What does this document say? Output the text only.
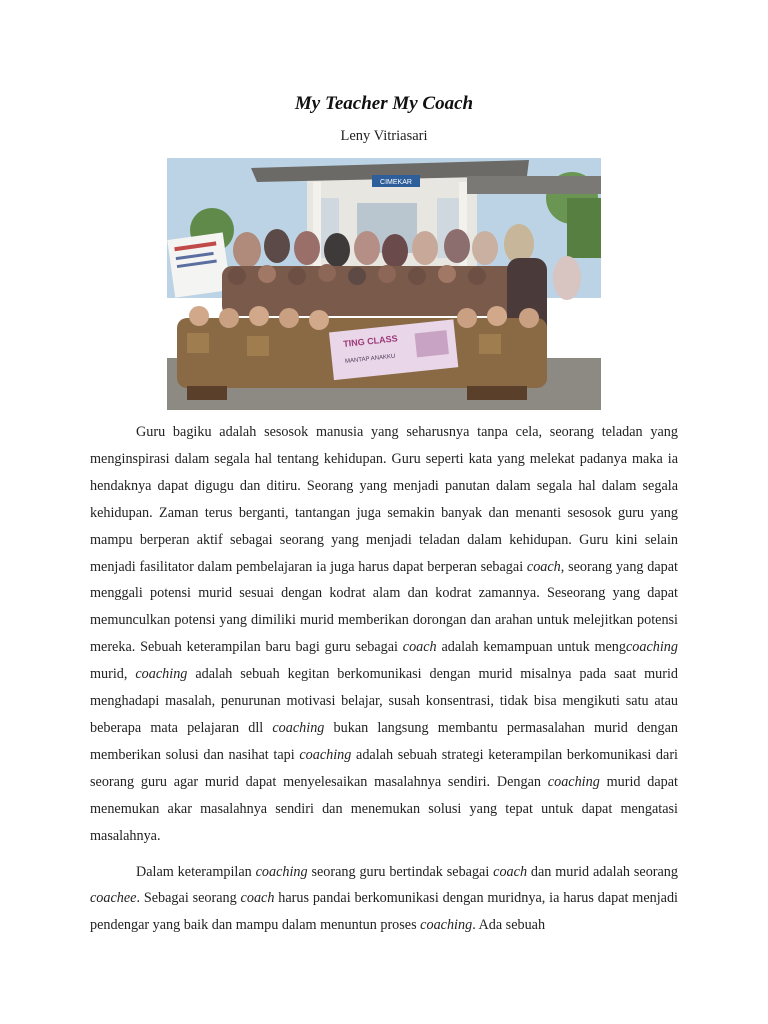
My Teacher My Coach
Leny Vitriasari
CIMEKAR
TING CLASS
MANTAP ANAKKU

Guru bagiku adalah sesosok manusia yang seharusnya tanpa cela, seorang teladan yang menginspirasi dalam segala hal tentang kehidupan. Guru seperti kata yang melekat padanya maka ia hendaknya dapat digugu dan ditiru. Seorang yang menjadi panutan dalam segala hal dalam segala kehidupan. Zaman terus berganti, tantangan juga semakin banyak dan menanti sesosok guru yang mampu berperan aktif sebagai seorang yang menjadi teladan dalam kehidupan. Guru kini selain menjadi fasilitator dalam pembelajaran ia juga harus dapat berperan sebagai coach, seorang yang dapat menggali potensi murid sesuai dengan kodrat alam dan kodrat zamannya. Seseorang yang dapat memunculkan potensi yang dimiliki murid memberikan dorongan dan arahan untuk melejitkan potensi mereka. Sebuah keterampilan baru bagi guru sebagai coach adalah kemampuan untuk mengcoaching murid, coaching adalah sebuah kegitan berkomunikasi dengan murid misalnya pada saat murid menghadapi masalah, penurunan motivasi belajar, susah konsentrasi, tidak bisa mengikuti satu atau beberapa mata pelajaran dll coaching bukan langsung membantu permasalahan murid dengan memberikan solusi dan nasihat tapi coaching adalah sebuah strategi keterampilan berkomunikasi dari seorang guru agar murid dapat menyelesaikan masalahnya sendiri. Dengan coaching murid dapat menemukan akar masalahnya sendiri dan menemukan solusi yang tepat untuk dapat mengatasi masalahnya.

Dalam keterampilan coaching seorang guru bertindak sebagai coach dan murid adalah seorang coachee. Sebagai seorang coach harus pandai berkomunikasi dengan muridnya, ia harus dapat menjadi pendengar yang baik dan mampu dalam menuntun proses coaching. Ada sebuah
